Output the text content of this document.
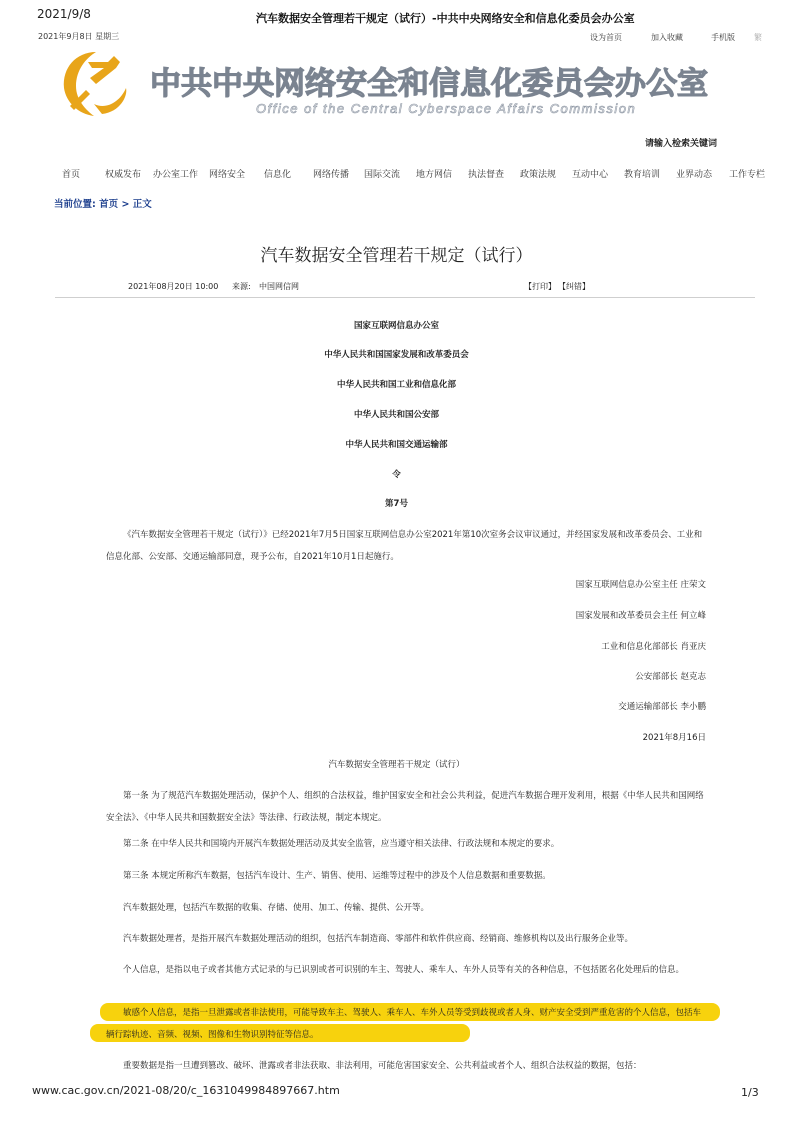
2021/9/8	汽车数据安全管理若干规定（试行）-中共中央网络安全和信息化委员会办公室
2021年9月8日 星期三	设为首页	加入收藏	手机版 繁
中共中央网络安全和信息化委员会办公室
Office of the Central Cyberspace Affairs Commission
请输入检索关键词
首页	权威发布 办公室工作 网络安全 信息化 网络传播 国际交流 地方网信 执法督查 政策法规 互动中心 教育培训 业界动态 工作专栏
当前位置: 首页 > 正文
汽车数据安全管理若干规定（试行）
2021年08月20日 10:00 来源: 中国网信网	【打印】 【纠错】
国家互联网信息办公室
中华人民共和国国家发展和改革委员会
中华人民共和国工业和信息化部
中华人民共和国公安部
中华人民共和国交通运输部
令
第7号
《汽车数据安全管理若干规定（试行）》已经2021年7月5日国家互联网信息办公室2021年第10次室务会议审议通过，并经国家发展和改革委员会、工业和信息化部、公安部、交通运输部同意，现予公布，自2021年10月1日起施行。
国家互联网信息办公室主任 庄荣文
国家发展和改革委员会主任 何立峰
工业和信息化部部长 肖亚庆
公安部部长 赵克志
交通运输部部长 李小鹏
2021年8月16日
汽车数据安全管理若干规定（试行）
第一条 为了规范汽车数据处理活动，保护个人、组织的合法权益，维护国家安全和社会公共利益，促进汽车数据合理开发利用，根据《中华人民共和国网络安全法》、《中华人民共和国数据安全法》等法律、行政法规，制定本规定。
第二条 在中华人民共和国境内开展汽车数据处理活动及其安全监管，应当遵守相关法律、行政法规和本规定的要求。
第三条 本规定所称汽车数据，包括汽车设计、生产、销售、使用、运维等过程中的涉及个人信息数据和重要数据。
汽车数据处理，包括汽车数据的收集、存储、使用、加工、传输、提供、公开等。
汽车数据处理者，是指开展汽车数据处理活动的组织，包括汽车制造商、零部件和软件供应商、经销商、维修机构以及出行服务企业等。
个人信息，是指以电子或者其他方式记录的与已识别或者可识别的车主、驾驶人、乘车人、车外人员等有关的各种信息，不包括匿名化处理后的信息。
敏感个人信息，是指一旦泄露或者非法使用，可能导致车主、驾驶人、乘车人、车外人员等受到歧视或者人身、财产安全受到严重危害的个人信息，包括车辆行踪轨迹、音频、视频、图像和生物识别特征等信息。
重要数据是指一旦遭到篡改、破坏、泄露或者非法获取、非法利用，可能危害国家安全、公共利益或者个人、组织合法权益的数据，包括：
www.cac.gov.cn/2021-08/20/c_1631049984897667.htm	1/3
